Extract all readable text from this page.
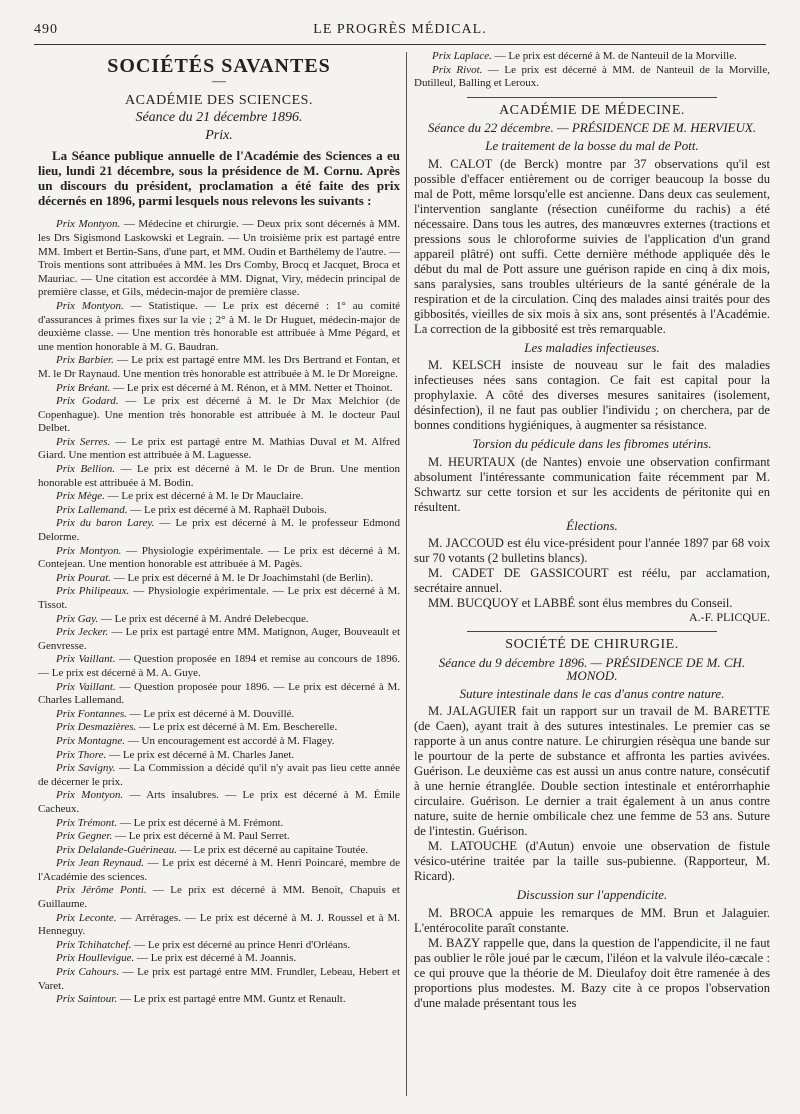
490	LE PROGRÈS MÉDICAL.
SOCIÉTÉS SAVANTES
—
ACADÉMIE DES SCIENCES.
Séance du 21 décembre 1896.
Prix.

La Séance publique annuelle de l'Académie des Sciences a eu lieu, lundi 21 décembre, sous la présidence de M. Cornu. Après un discours du président, proclamation a été faite des prix décernés en 1896, parmi lesquels nous relevons les suivants :

Prix Montyon. — Médecine et chirurgie. — Deux prix sont décernés à MM. les Drs Sigismond Laskowski et Legrain. — Un troisième prix est partagé entre MM. Imbert et Bertin-Sans, d'une part, et MM. Oudin et Barthélemy de l'autre. — Trois mentions sont attribuées à MM. les Drs Comby, Brocq et Jacquet, Broca et Mauriac. — Une citation est accordée à MM. Dignat, Viry, médecin principal de première classe, et Gils, médecin-major de première classe.

Prix Montyon. — Statistique. — Le prix est décerné : 1° au comité d'assurances à primes fixes sur la vie ; 2° à M. le Dr Huguet, médecin-major de deuxième classe. — Une mention très honorable est attribuée à Mme Pégard, et une mention honorable à M. G. Baudran.

Prix Barbier. — Le prix est partagé entre MM. les Drs Bertrand et Fontan, et M. le Dr Raynaud. Une mention très honorable est attribuée à M. le Dr Moreigne.

Prix Bréant. — Le prix est décerné à M. Rénon, et à MM. Netter et Thoinot.

Prix Godard. — Le prix est décerné à M. le Dr Max Melchior (de Copenhague). Une mention très honorable est attribuée à M. le docteur Paul Delbet.

Prix Serres. — Le prix est partagé entre M. Mathias Duval et M. Alfred Giard. Une mention est attribuée à M. Laguesse.

Prix Bellion. — Le prix est décerné à M. le Dr de Brun. Une mention honorable est attribuée à M. Bodin.

Prix Mège. — Le prix est décerné à M. le Dr Mauclaire.

Prix Lallemand. — Le prix est décerné à M. Raphaël Dubois.

Prix du baron Larey. — Le prix est décerné à M. le professeur Edmond Delorme.

Prix Montyon. — Physiologie expérimentale. — Le prix est décerné à M. Contejean. Une mention honorable est attribuée à M. Pagès.

Prix Pourat. — Le prix est décerné à M. le Dr Joachimstahl (de Berlin).

Prix Philipeaux. — Physiologie expérimentale. — Le prix est décerné à M. Tissot.

Prix Gay. — Le prix est décerné à M. André Delebecque.

Prix Jecker. — Le prix est partagé entre MM. Matignon, Auger, Bouveault et Genvresse.

Prix Vaillant. — Question proposée en 1894 et remise au concours de 1896. — Le prix est décerné à M. A. Guye.

Prix Vaillant. — Question proposée pour 1896. — Le prix est décerné à M. Charles Lallemand.

Prix Fontannes. — Le prix est décerné à M. Douvillé.

Prix Desmazières. — Le prix est décerné à M. Em. Bescherelle.

Prix Montagne. — Un encouragement est accordé à M. Flagey.

Prix Thore. — Le prix est décerné à M. Charles Janet.

Prix Savigny. — La Commission a décidé qu'il n'y avait pas lieu cette année de décerner le prix.

Prix Montyon. — Arts insalubres. — Le prix est décerné à M. Émile Cacheux.

Prix Trémont. — Le prix est décerné à M. Frémont.

Prix Gegner. — Le prix est décerné à M. Paul Serret.

Prix Delalande-Guérineau. — Le prix est décerné au capitaine Toutée.

Prix Jean Reynaud. — Le prix est décerné à M. Henri Poincaré, membre de l'Académie des sciences.

Prix Jérôme Ponti. — Le prix est décerné à MM. Benoit, Chapuis et Guillaume.

Prix Leconte. — Arrérages. — Le prix est décerné à M. J. Roussel et à M. Henneguy.

Prix Tchihatchef. — Le prix est décerné au prince Henri d'Orléans.

Prix Houllevigue. — Le prix est décerné à M. Joannis.

Prix Cahours. — Le prix est partagé entre MM. Frundler, Lebeau, Hebert et Varet.

Prix Saintour. — Le prix est partagé entre MM. Guntz et Renault.

Prix Laplace. — Le prix est décerné à M. de Nanteuil de la Morville.

Prix Rivot. — Le prix est décerné à MM. de Nanteuil de la Morville, Dutilleul, Balling et Leroux.

ACADÉMIE DE MÉDECINE.
Séance du 22 décembre. — PRÉSIDENCE DE M. HERVIEUX.
Le traitement de la bosse du mal de Pott.

M. CALOT (de Berck) montre par 37 observations qu'il est possible d'effacer entièrement ou de corriger beaucoup la bosse du mal de Pott, même lorsqu'elle est ancienne. Dans deux cas seulement, l'intervention sanglante (résection cunéiforme du rachis) a été nécessaire. Dans tous les autres, des manœuvres externes (tractions et pressions sous le chloroforme suivies de l'application d'un grand appareil plâtré) ont suffi. Cette dernière méthode appliquée dès le début du mal de Pott assure une guérison rapide en cinq à dix mois, sans paralysies, sans troubles ultérieurs de la santé générale de la respiration et de la circulation. Cinq des malades ainsi traités pour des gibbosités, vieilles de six mois à six ans, sont présentés à l'Académie. La correction de la gibbosité est très remarquable.

Les maladies infectieuses.

M. KELSCH insiste de nouveau sur le fait des maladies infectieuses nées sans contagion. Ce fait est capital pour la prophylaxie. A côté des diverses mesures sanitaires (isolement, désinfection), il ne faut pas oublier l'individu ; on cherchera, par de bonnes conditions hygiéniques, à augmenter sa résistance.

Torsion du pédicule dans les fibromes utérins.

M. HEURTAUX (de Nantes) envoie une observation confirmant absolument l'intéressante communication faite récemment par M. Schwartz sur cette torsion et sur les accidents de péritonite qui en résultent.

Élections.

M. JACCOUD est élu vice-président pour l'année 1897 par 68 voix sur 70 votants (2 bulletins blancs).

M. CADET DE GASSICOURT est réélu, par acclamation, secrétaire annuel.

MM. BUCQUOY et LABBÉ sont élus membres du Conseil.

A.-F. PLICQUE.

SOCIÉTÉ DE CHIRURGIE.
Séance du 9 décembre 1896. — PRÉSIDENCE DE M. CH. MONOD.
Suture intestinale dans le cas d'anus contre nature.

M. JALAGUIER fait un rapport sur un travail de M. BARETTE (de Caen), ayant trait à des sutures intestinales. Le premier cas se rapporte à un anus contre nature. Le chirurgien résèqua une bande sur le pourtour de la perte de substance et affronta les parties avivées. Guérison. Le deuxième cas est aussi un anus contre nature, consécutif à une hernie étranglée. Double section intestinale et entérorrhaphie circulaire. Guérison. Le dernier a trait également à un anus contre nature, suite de hernie ombilicale chez une femme de 53 ans. Suture de l'intestin. Guérison.

M. LATOUCHE (d'Autun) envoie une observation de fistule vésico-utérine traitée par la taille sus-pubienne. (Rapporteur, M. Ricard).

Discussion sur l'appendicite.

M. BROCA appuie les remarques de MM. Brun et Jalaguier. L'entérocolite paraît constante.

M. BAZY rappelle que, dans la question de l'appendicite, il ne faut pas oublier le rôle joué par le cæcum, l'iléon et la valvule iléo-cæcale : ce qui prouve que la théorie de M. Dieulafoy doit être ramenée à des proportions plus modestes. M. Bazy cite à ce propos l'observation d'une malade présentant tous les
